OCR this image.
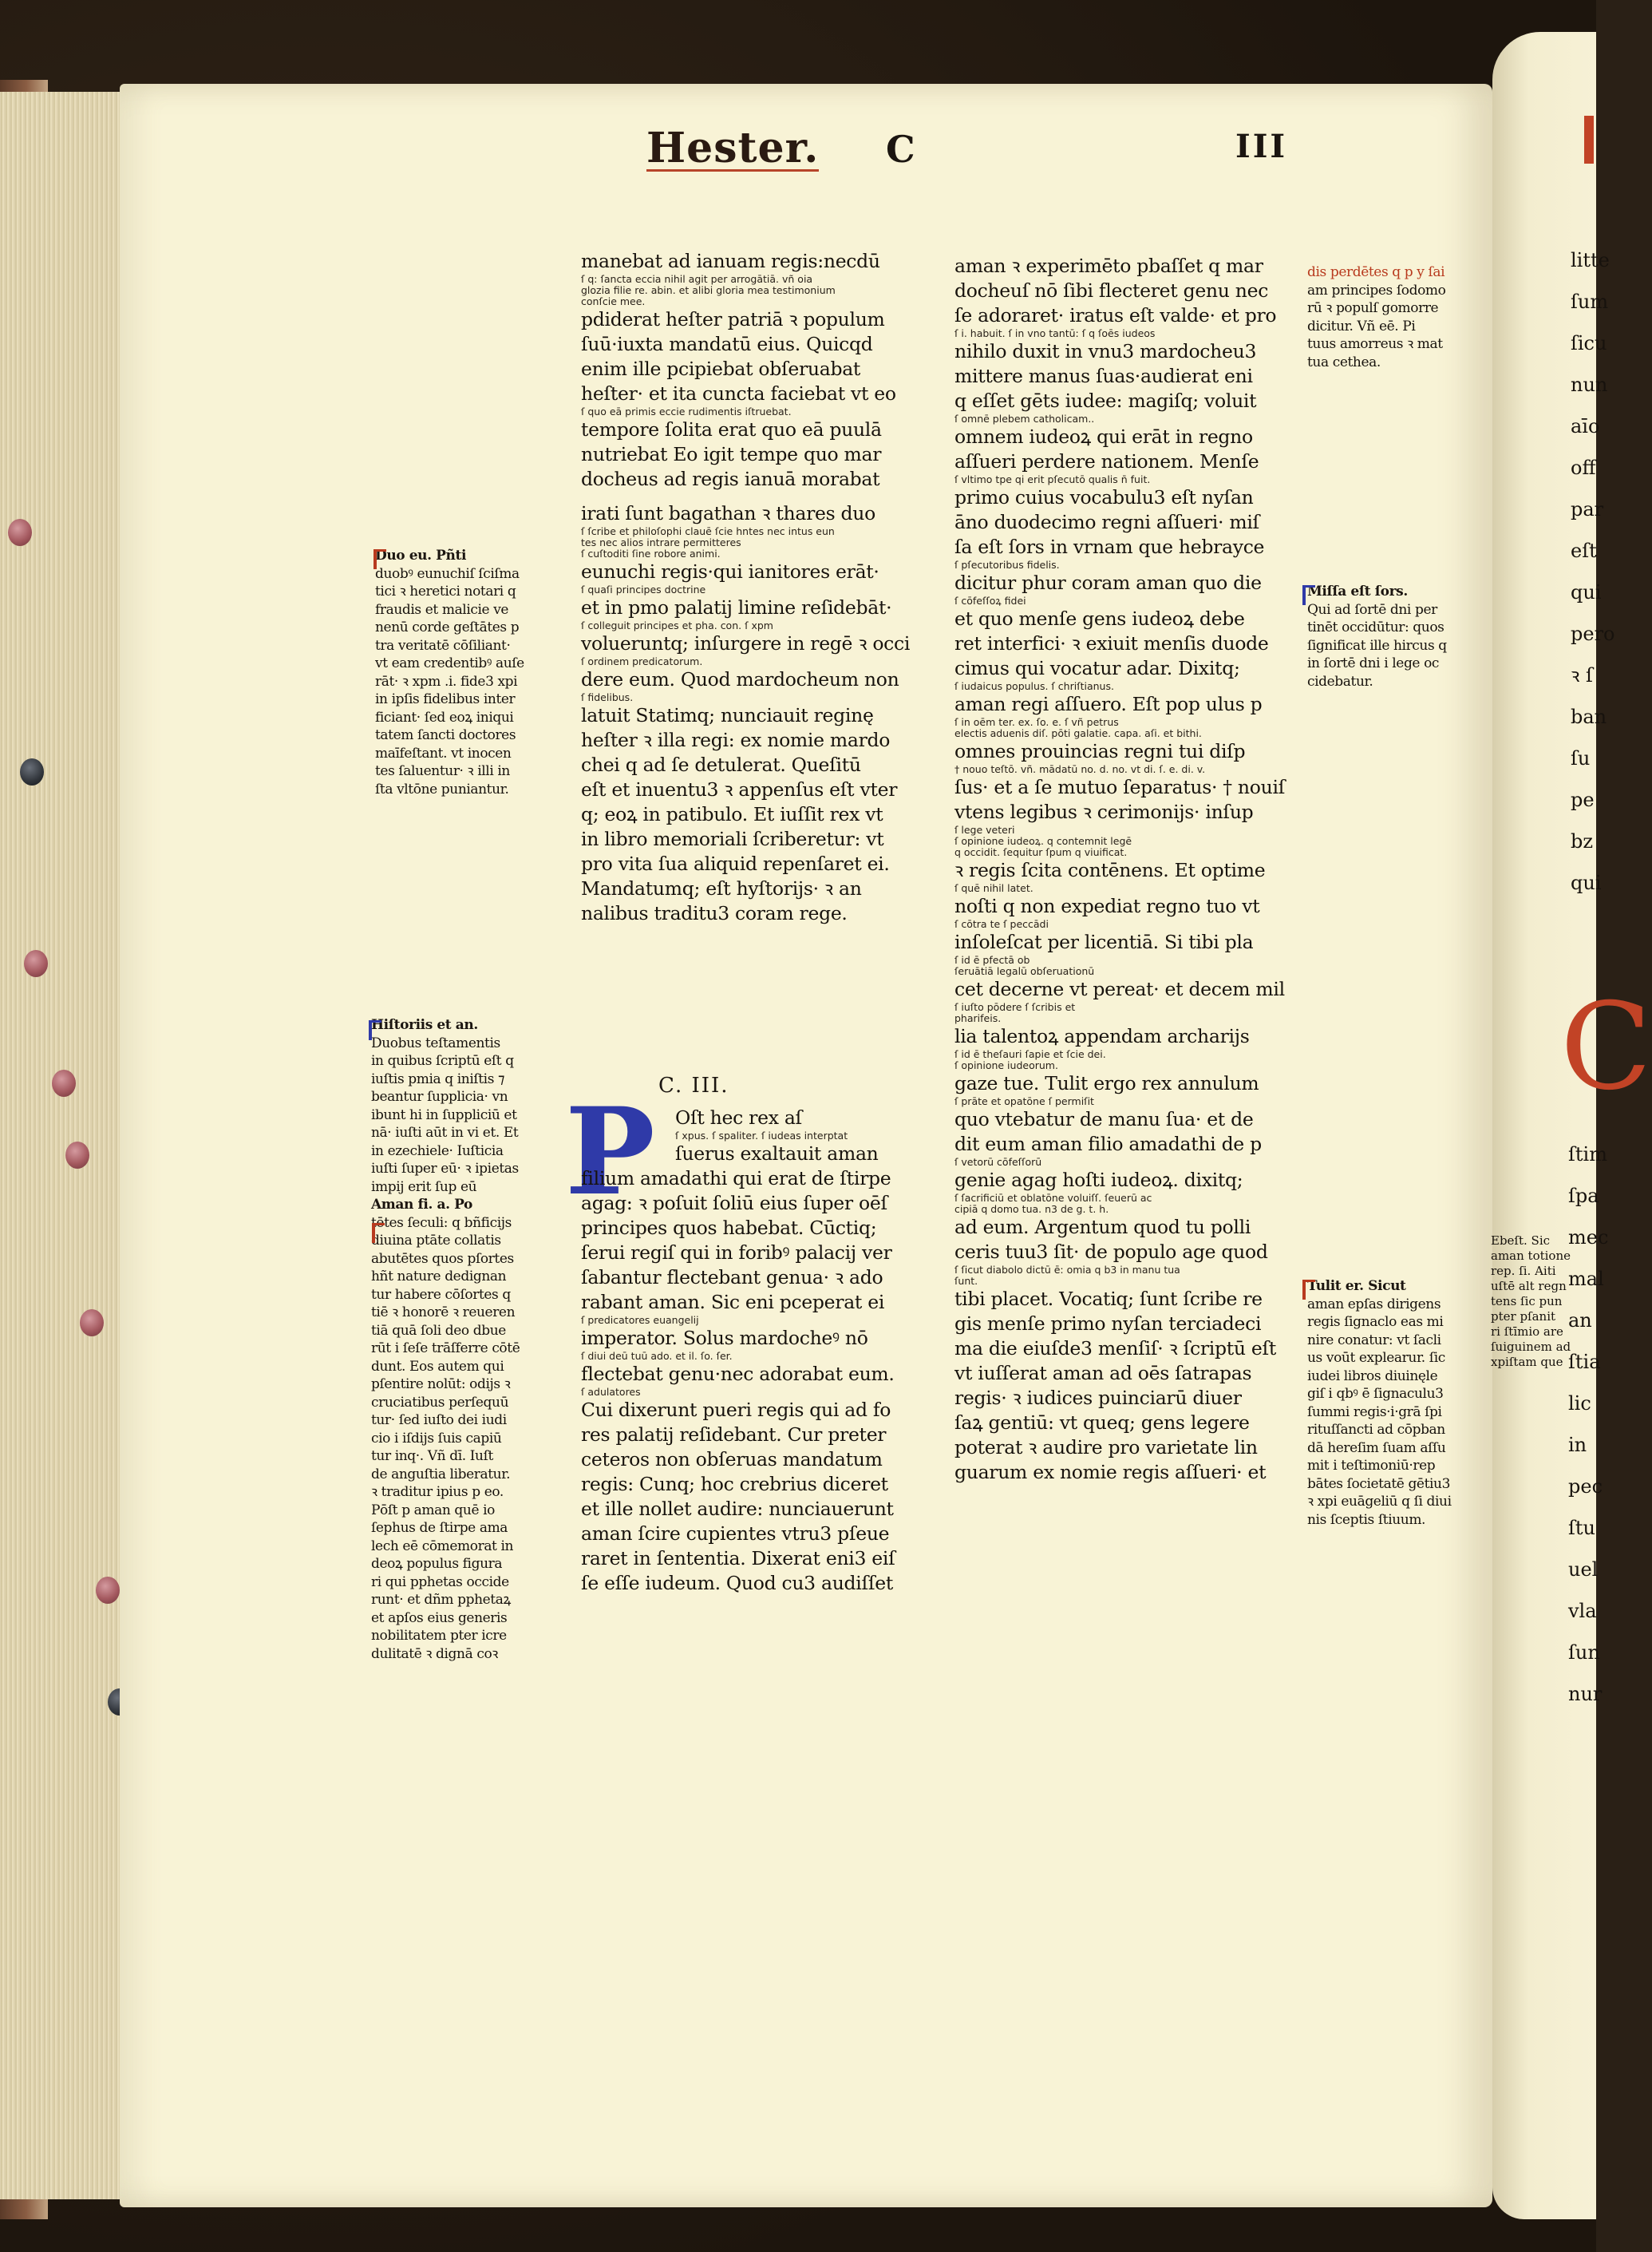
C
Hester. C	III
manebat ad ianuam regis:necdū
ſ q: ſancta eccia nihil agit per arrogātiā. vñ oia
glozia filie re. abin. et alibi gloria mea testimonium
conſcie mee.
pdiderat heſter patriā ꝛ populum
ſuū·iuxta mandatū eius. Quicqd
enim ille pcipiebat obſeruabat
heſter· et ita cuncta faciebat vt eo
ſ quo eā primis eccie rudimentis iſtruebat.
tempore ſolita erat quo eā puulā
nutriebat Eo igit tempe quo mar
docheus ad regis ianuā morabat
irati ſunt bagathan ꝛ thares duo
ſ ſcribe et philoſophi clauē ſcie hntes nec intus eun
tes nec alios intrare permitteres
ſ cuſtoditi ſine robore animi.
eunuchi regis·qui ianitores erāt·
ſ quaſi principes doctrine
et in pmo palatij limine reſidebāt·
ſ colleguit principes et pha. con. ſ xpm
volueruntq; inſurgere in regē ꝛ occi
ſ ordinem predicatorum.
dere eum. Quod mardocheum non
ſ fidelibus.
latuit Statimq; nunciauit reginę
heſter ꝛ illa regi: ex nomie mardo
chei q ad ſe detulerat. Queſitū
eſt et inuentu3 ꝛ appenſus eſt vter
q; eoꝝ in patibulo. Et iuſſit rex vt
in libro memoriali ſcriberetur: vt
pro vita ſua aliquid repenſaret ei.
Mandatumq; eſt hyſtorijs· ꝛ an
nalibus traditu3 coram rege.
C. III.
P	Oſt hec rex aſ
ſ xpus. ſ spaliter. ſ iudeas interptat
ſuerus exaltauit aman
filium amadathi qui erat de ſtirpe
agag: ꝛ poſuit ſoliū eius ſuper oēſ
principes quos habebat. Cūctiq;
ſerui regiſ qui in foribꝰ palacij ver
ſabantur flectebant genua· ꝛ ado
rabant aman. Sic eni pceperat ei
ſ predicatores euangelij
imperator. Solus mardocheꝰ nō
ſ diui deū tuū ado. et il. ſo. ſer.
flectebat genu·nec adorabat eum.
ſ adulatores
Cui dixerunt pueri regis qui ad fo
res palatij reſidebant. Cur preter
ceteros non obſeruas mandatum
regis: Cunq; hoc crebrius diceret
et ille nollet audire: nunciauerunt
aman ſcire cupientes vtru3 pſeue
raret in ſententia. Dixerat eni3 eiſ
ſe eſſe iudeum. Quod cu3 audiſſet
aman ꝛ experimēto pbaſſet q mar
docheuſ nō ſibi flecteret genu nec
ſe adoraret· iratus eſt valde· et pro
ſ i. habuit. ſ in vno tantū: ſ q ſoēs iudeos
nihilo duxit in vnu3 mardocheu3
mittere manus ſuas·audierat eni
q eſſet gēts iudee: magiſq; voluit
ſ omnē plebem catholicam..
omnem iudeoꝝ qui erāt in regno
aſſueri perdere nationem. Menſe
ſ vltimo tpe qi erit pſecutō qualis n̄ fuit.
primo cuius vocabulu3 eſt nyſan
āno duodecimo regni aſſueri· miſ
ſa eſt ſors in vrnam que hebrayce
ſ pſecutoribus fidelis.
dicitur phur coram aman quo die
ſ cōfeſſoꝝ fidei
et quo menſe gens iudeoꝝ debe
ret interfici· ꝛ exiuit menſis duode
cimus qui vocatur adar. Dixitq;
ſ iudaicus populus. ſ chriſtianus.
aman regi aſſuero. Eſt pop ulus p
ſ in oēm ter. ex. ſo. e. ſ vñ petrus
electis aduenis diſ. pōti galatie. capa. aſi. et bithi.
omnes prouincias regni tui diſp
† nouo teſtō. vñ. mādatū no. d. no. vt di. ſ. e. di. v.
ſus· et a ſe mutuo ſeparatus· † nouiſ
vtens legibus ꝛ cerimonijs· inſup
ſ lege veteri
ſ opinione iudeoꝝ. q contemnit legē
q occidit. ſequitur ſpum q viuificat.
ꝛ regis ſcita contēnens. Et optime
ſ quē nihil latet.
noſti q non expediat regno tuo vt
ſ cōtra te ſ peccādi
inſoleſcat per licentiā. Si tibi pla
ſ id ē pfectā ob
ſeruātiā legalū obſeruationū
cet decerne vt pereat· et decem mil
ſ iuſto pōdere ſ ſcribis et
pharifeis.
lia talentoꝝ appendam archarijs
ſ id ē theſauri ſapie et ſcie dei.
ſ opinione iudeorum.
gaze tue. Tulit ergo rex annulum
ſ prāte et opatōne ſ permiſit
quo vtebatur de manu ſua· et de
dit eum aman filio amadathi de p
ſ vetorū cōfeſſorū
genie agag hoſti iudeoꝝ. dixitq;
ſ ſacrificiū et oblatōne voluiſſ. ſeuerū ac
cipiā q domo tua. n3 de g. t. h.
ad eum. Argentum quod tu polli
ceris tuu3 ſit· de populo age quod
ſ ſicut diabolo dictū ē: omia q b3 in manu tua
ſunt.
tibi placet. Vocatiq; ſunt ſcribe re
gis menſe primo nyſan terciadeci
ma die eiuſde3 menſiſ· ꝛ ſcriptū eſt
vt iuſſerat aman ad oēs ſatrapas
regis· ꝛ iudices puinciarū diuer
ſaꝝ gentiū: vt queq; gens legere
poterat ꝛ audire pro varietate lin
guarum ex nomie regis aſſueri· et
Duo eu. Pñti
duobꝰ eunuchiſ ſciſma
tici ꝛ heretici notari q
fraudis et malicie ve
nenū corde geſtātes p
tra veritatē cōſiliant·
vt eam credentibꝰ auſe
rāt· ꝛ xpm .i. fide3 xpi
in ipſis fidelibus inter
ficiant· ſed eoꝝ iniqui
tatem ſancti doctores
maīfeſtant. vt inocen
tes ſaluentur· ꝛ illi in
ſta vltōne puniantur.
Hiſtoriis et an.
Duobus teſtamentis
in quibus ſcriptū eſt q
iuſtis pmia q iniſtis ⁊
beantur ſupplicia· vn
ibunt hi in ſuppliciū et
nā· iuſti aūt in vi et. Et
in ezechiele· Iuſticia
iuſti ſuper eū· ꝛ ipietas
impij erit ſup eū
Aman fi. a. Po
tētes ſeculi: q bñficijs
diuina ptāte collatis
abutētes quos pſortes
hñt nature dedignan
tur habere cōſortes q
tiē ꝛ honorē ꝛ reueren
tiā quā ſoli deo dbue
rūt i ſeſe trāſferre cōtē
dunt. Eos autem qui
pſentire nolūt: odijs ꝛ
cruciatibus perſequū
tur· ſed iuſto dei iudi
cio i iſdijs ſuis capiū
tur inq·. Vñ dī. Iuſt
de anguſtia liberatur.
ꝛ traditur ipius p eo.
Pōſt p aman quē io
ſephus de ſtirpe ama
lech eē cōmemorat in
deoꝝ populus figura
ri qui pphetas occide
runt· et dñm pphetaꝝ
et apſos eius generis
nobilitatem pter icre
dulitatē ꝛ dignā coꝛ
dis perdētes q p y ſai
am principes ſodomo
rū ꝛ populſ gomorre
dicitur. Vñ eē. Pi
tuus amorreus ꝛ mat
tua cethea.
Miſſa eſt ſors.
Qui ad ſortē dni per
tinēt occidūtur: quos
ſignificat ille hircus q
in ſortē dni i lege oc
cidebatur.
Tulit er. Sicut
aman epſas dirigens
regis ſignaclo eas mi
nire conatur: vt ſacli
us voūt explearur. ſic
iudei libros diuinęle
giſ i qbꝰ ē ſignaculu3
ſummi regis·i·grā ſpi
rituſſancti ad cōpban
dā hereſim ſuam aſſu
mit i teſtimoniū·rep
bātes ſocietatē gētiu3
ꝛ xpi euāgeliū q ſi diui
nis ſceptis ſtiuum.
litte
ſum
ſicu
nun
aīo
off
par
eſt
qui
pero
ꝛ ſ
ban
ſu
pe
bz
qui
ſtim
ſpa
mec
mal
an
ſtia
lic
in
pec
ſtu
uel
vla
ſun
nur
Ebeſt. Sic
aman totione
rep. ſi. Aiti
uſtē alt regn
tens ſic pun
pter pſanit
ri ſtīmio are
ſuiguinem ad
xpiſtam que
